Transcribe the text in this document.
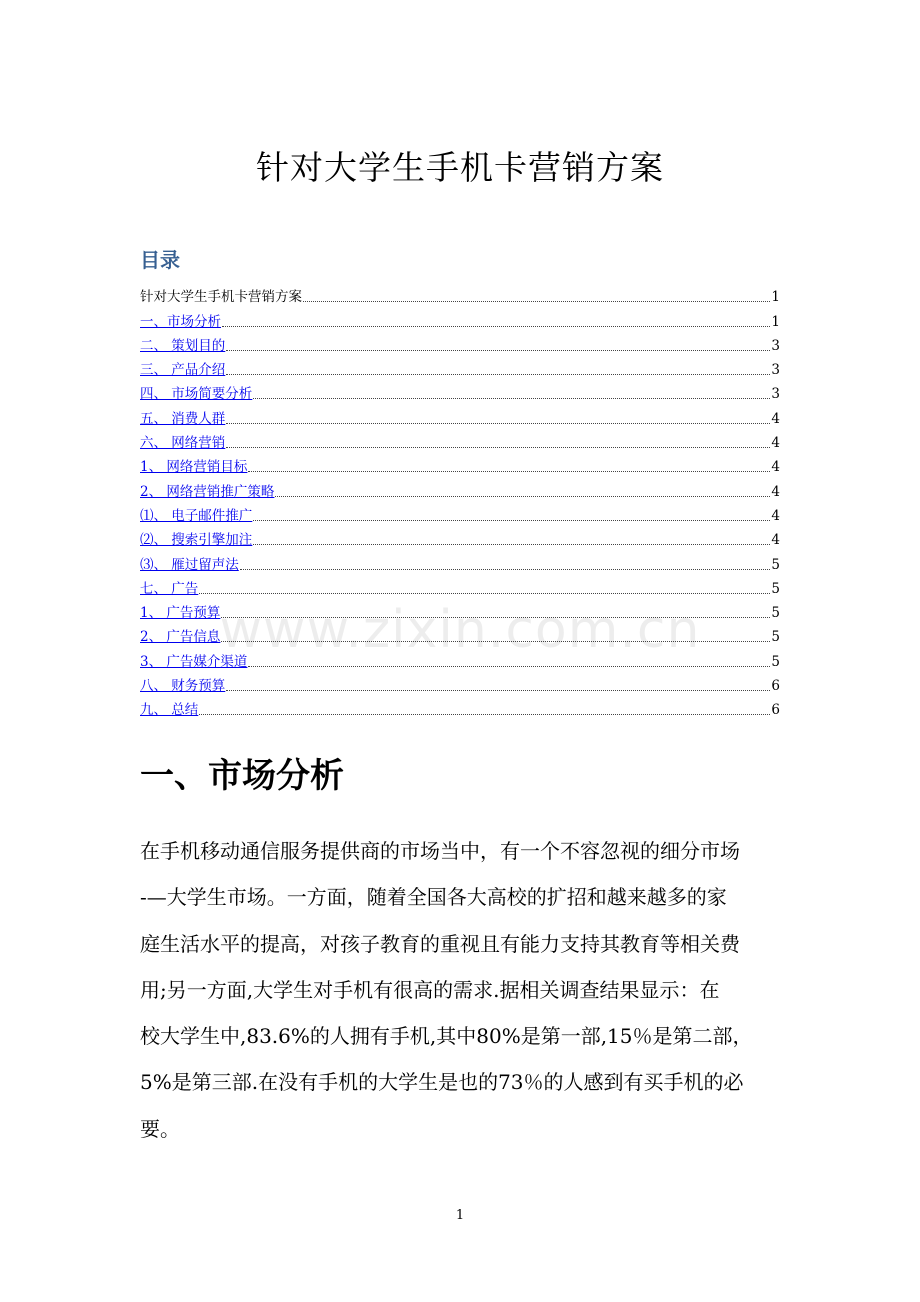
针对大学生手机卡营销方案
目录
针对大学生手机卡营销方案	1
一、市场分析	1
二、 策划目的	3
三、 产品介绍	3
四、 市场简要分析	3
五、 消费人群	4
六、 网络营销	4
1、 网络营销目标	4
2、 网络营销推广策略	4
⑴、 电子邮件推广	4
⑵、 搜索引擎加注	4
⑶、 雁过留声法	5
七、 广告	5
1、 广告预算	5
2、 广告信息	5
3、 广告媒介渠道	5
八、 财务预算	6
九、 总结	6
www.zixin.com.cn
一、市场分析
在手机移动通信服务提供商的市场当中，有一个不容忽视的细分市场
-—大学生市场。一方面，随着全国各大高校的扩招和越来越多的家
庭生活水平的提高，对孩子教育的重视且有能力支持其教育等相关费
用;另一方面,大学生对手机有很高的需求.据相关调查结果显示：在
校大学生中,83.6%的人拥有手机,其中80%是第一部,15％是第二部，
5%是第三部.在没有手机的大学生是也的73％的人感到有买手机的必
要。
1
